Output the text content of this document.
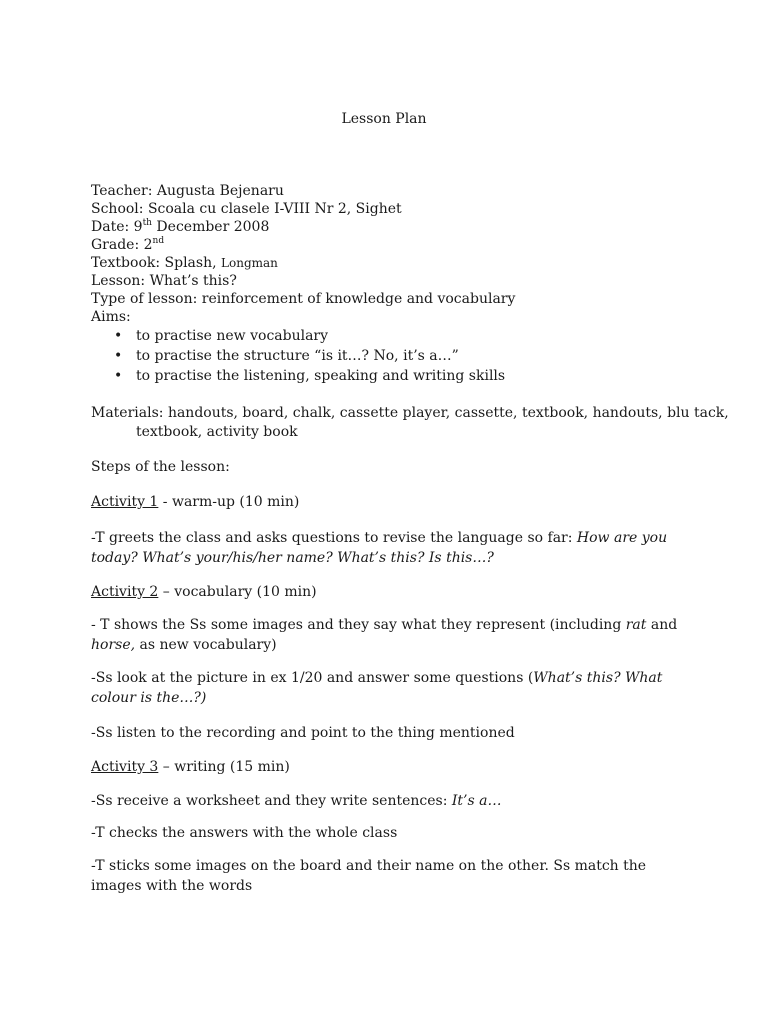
Lesson Plan
Teacher: Augusta Bejenaru
School: Scoala cu clasele I-VIII Nr 2, Sighet
Date: 9th December 2008
Grade: 2nd
Textbook: Splash, Longman
Lesson: What’s this?
Type of lesson: reinforcement of knowledge and vocabulary
Aims:
• to practise new vocabulary
• to practise the structure “is it…? No, it’s a…”
• to practise the listening, speaking and writing skills
Materials: handouts, board, chalk, cassette player, cassette, textbook, handouts, blu tack,
textbook, activity book
Steps of the lesson:
Activity 1 - warm-up (10 min)
-T greets the class and asks questions to revise the language so far: How are you today? What’s your/his/her name? What’s this? Is this…?
Activity 2 – vocabulary (10 min)
- T shows the Ss some images and they say what they represent (including rat and horse, as new vocabulary)
-Ss look at the picture in ex 1/20 and answer some questions (What’s this? What colour is the…?)
-Ss listen to the recording and point to the thing mentioned
Activity 3 – writing (15 min)
-Ss receive a worksheet and they write sentences: It’s a…
-T checks the answers with the whole class
-T sticks some images on the board and their name on the other. Ss match the images with the words
